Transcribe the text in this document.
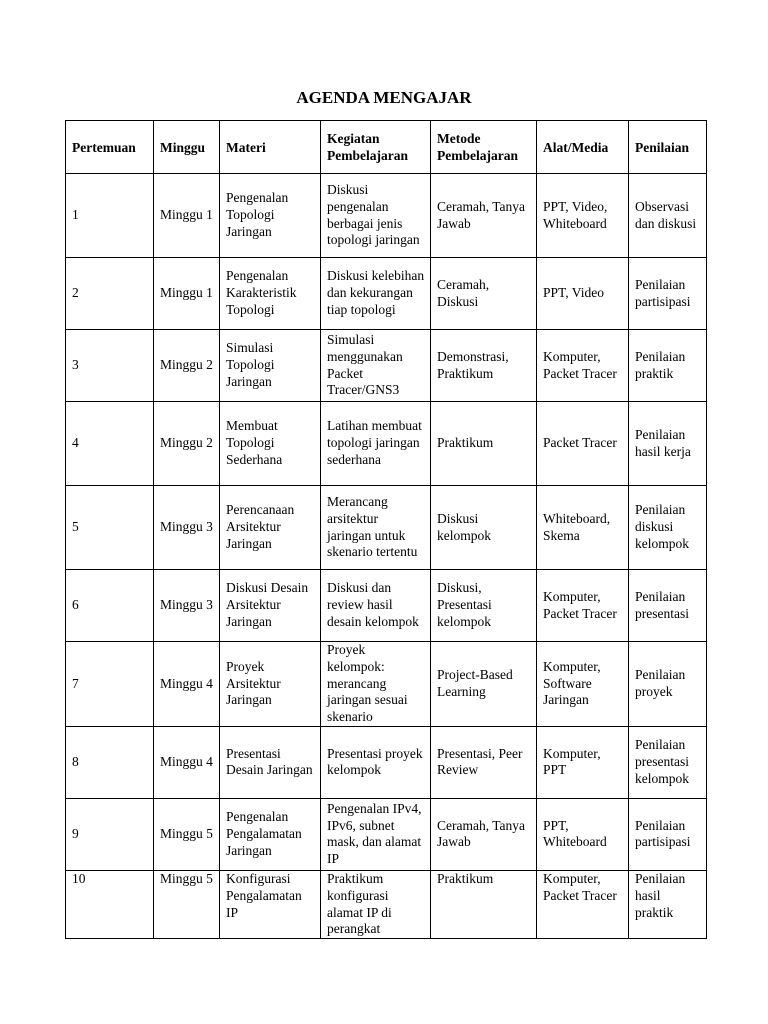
AGENDA MENGAJAR
Pertemuan	Minggu	Materi	Kegiatan Pembelajaran	Metode Pembelajaran	Alat/Media	Penilaian
1	Minggu 1	Pengenalan Topologi Jaringan	Diskusi pengenalan berbagai jenis topologi jaringan	Ceramah, Tanya Jawab	PPT, Video, Whiteboard	Observasi dan diskusi
2	Minggu 1	Pengenalan Karakteristik Topologi	Diskusi kelebihan dan kekurangan tiap topologi	Ceramah, Diskusi	PPT, Video	Penilaian partisipasi
3	Minggu 2	Simulasi Topologi Jaringan	Simulasi menggunakan Packet Tracer/GNS3	Demonstrasi, Praktikum	Komputer, Packet Tracer	Penilaian praktik
4	Minggu 2	Membuat Topologi Sederhana	Latihan membuat topologi jaringan sederhana	Praktikum	Packet Tracer	Penilaian hasil kerja
5	Minggu 3	Perencanaan Arsitektur Jaringan	Merancang arsitektur jaringan untuk skenario tertentu	Diskusi kelompok	Whiteboard, Skema	Penilaian diskusi kelompok
6	Minggu 3	Diskusi Desain Arsitektur Jaringan	Diskusi dan review hasil desain kelompok	Diskusi, Presentasi kelompok	Komputer, Packet Tracer	Penilaian presentasi
7	Minggu 4	Proyek Arsitektur Jaringan	Proyek kelompok: merancang jaringan sesuai skenario	Project-Based Learning	Komputer, Software Jaringan	Penilaian proyek
8	Minggu 4	Presentasi Desain Jaringan	Presentasi proyek kelompok	Presentasi, Peer Review	Komputer, PPT	Penilaian presentasi kelompok
9	Minggu 5	Pengenalan Pengalamatan Jaringan	Pengenalan IPv4, IPv6, subnet mask, dan alamat IP	Ceramah, Tanya Jawab	PPT, Whiteboard	Penilaian partisipasi
10	Minggu 5	Konfigurasi Pengalamatan IP	Praktikum konfigurasi alamat IP di perangkat	Praktikum	Komputer, Packet Tracer	Penilaian hasil praktik
